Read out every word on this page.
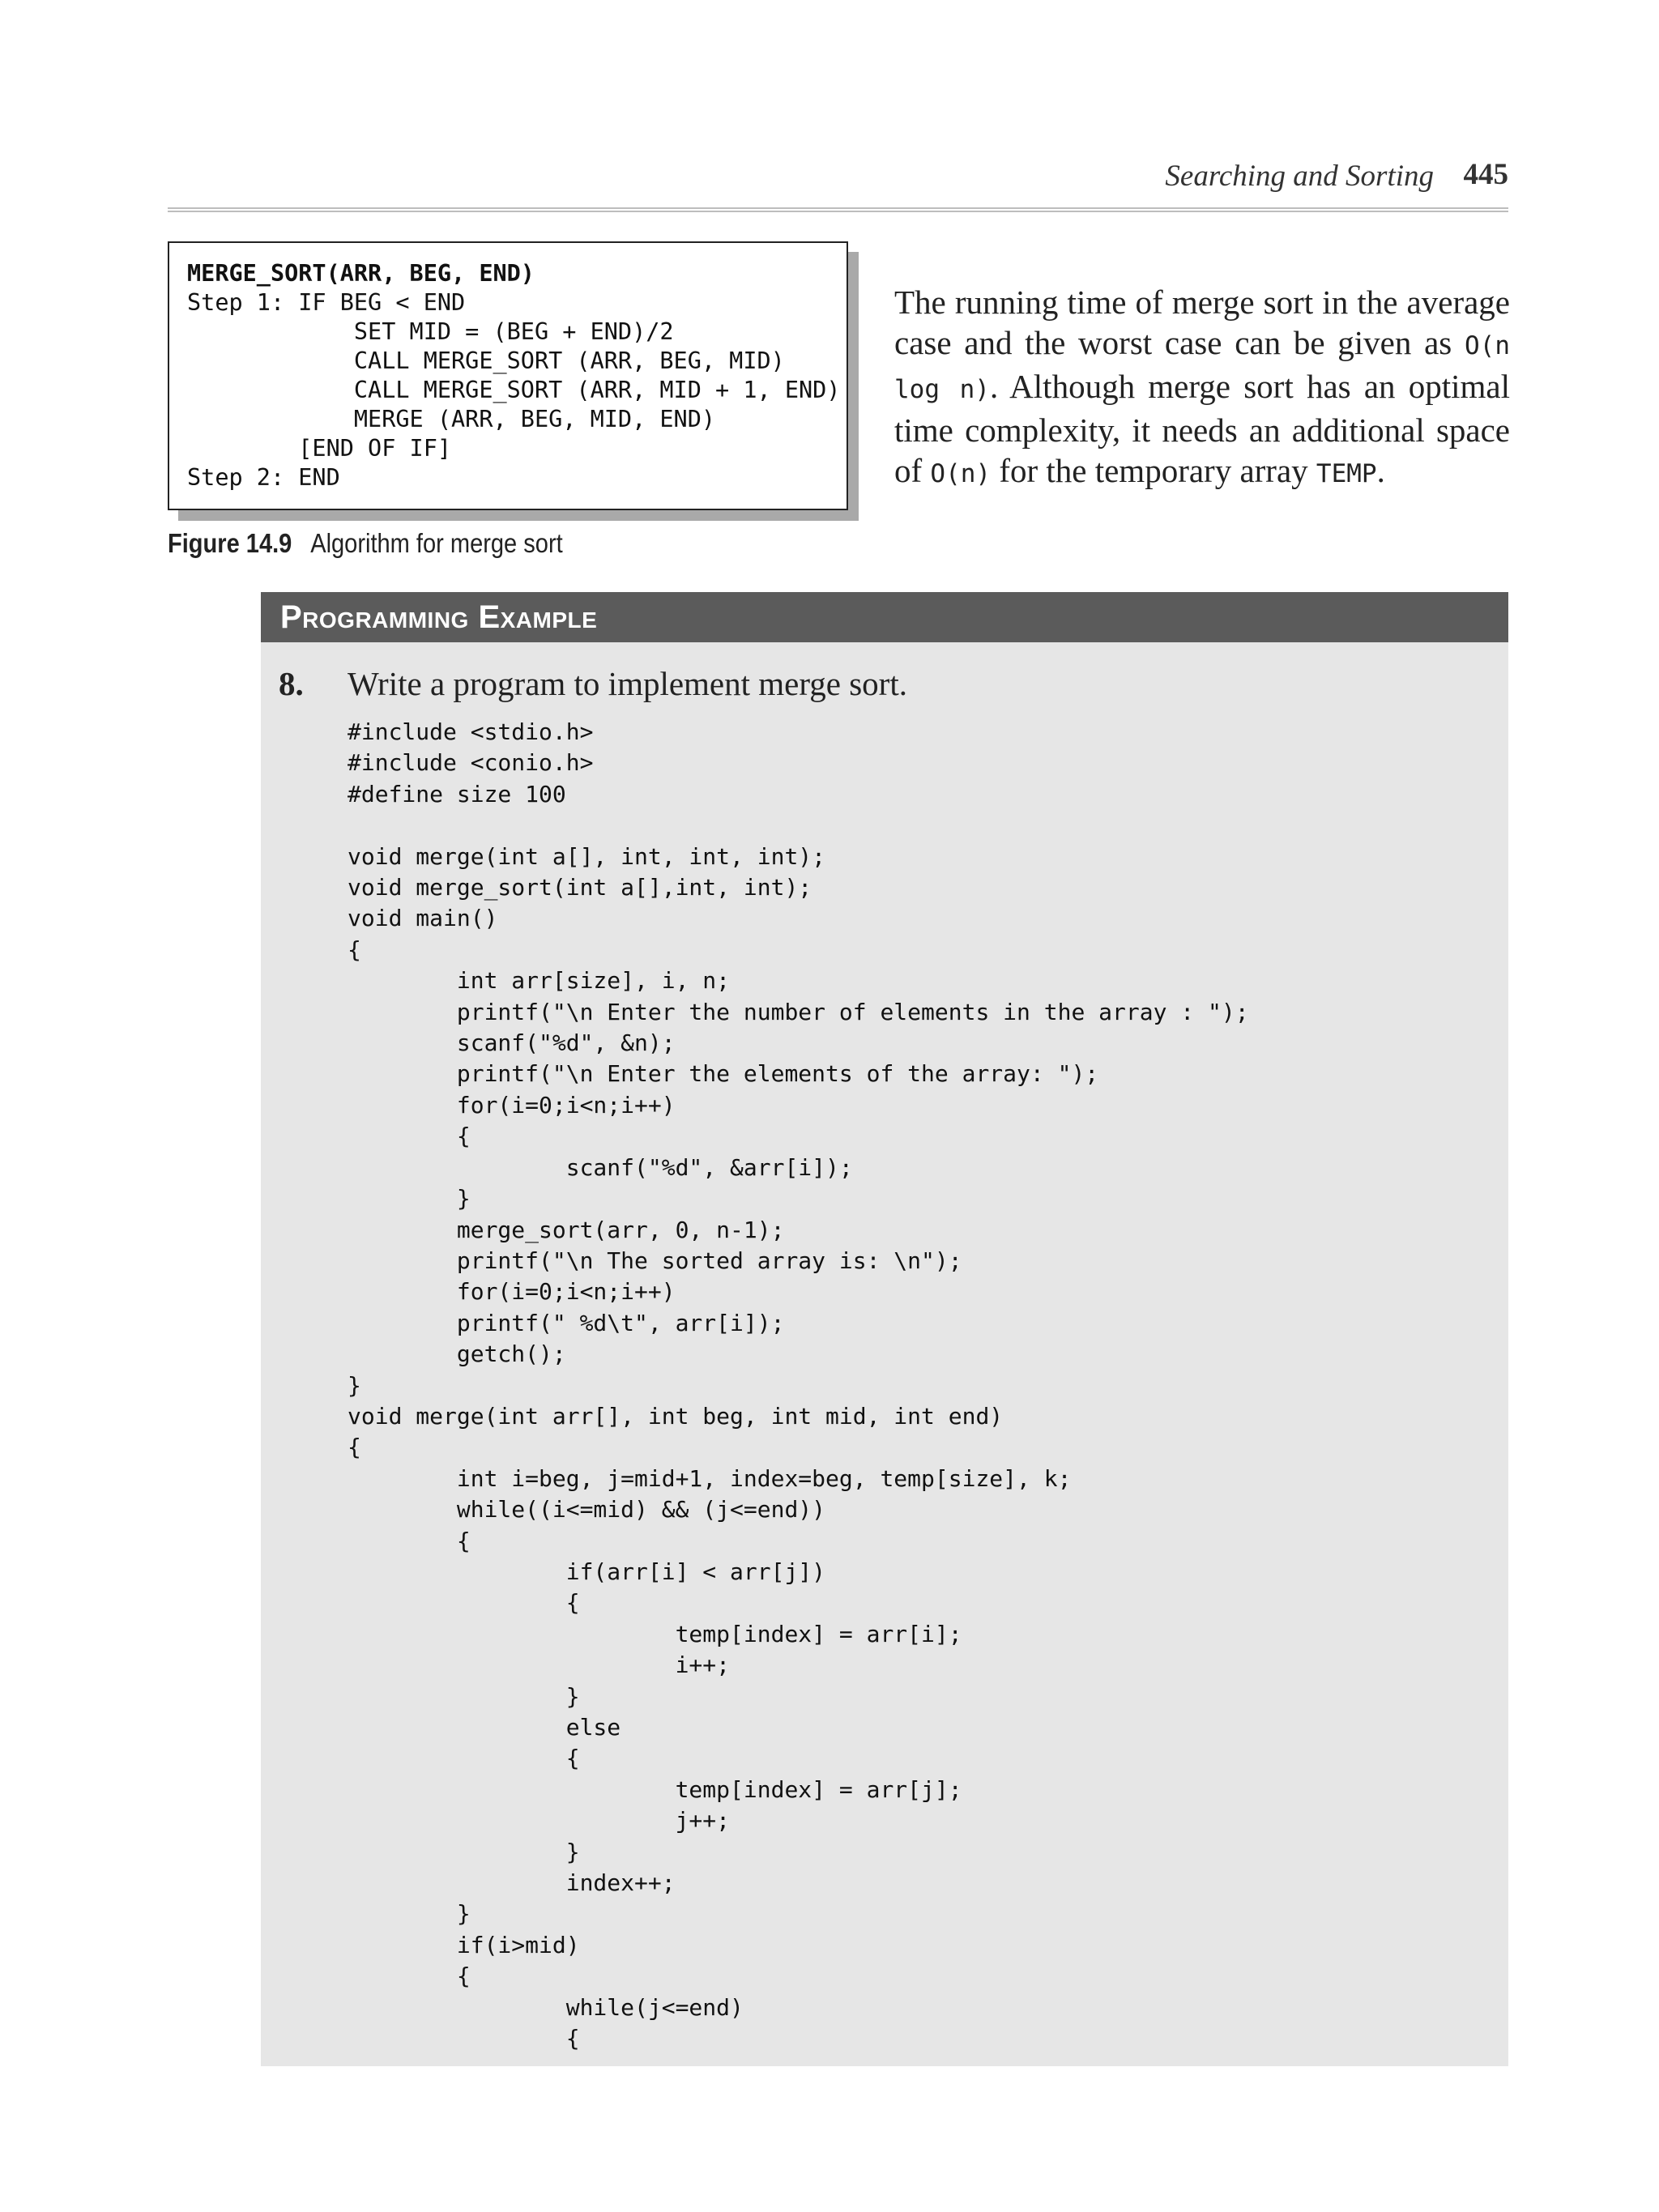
Searching and Sorting 445
MERGE_SORT(ARR, BEG, END)
Step 1: IF BEG < END
SET MID = (BEG + END)/2
CALL MERGE_SORT (ARR, BEG, MID)
CALL MERGE_SORT (ARR, MID + 1, END)
MERGE (ARR, BEG, MID, END)
[END OF IF]
Step 2: END
Figure 14.9 Algorithm for merge sort

The running time of merge sort in the average case and the worst case can be given as O(n log n). Although merge sort has an optimal time complexity, it needs an additional space of O(n) for the temporary array TEMP.

Programming Example
8. Write a program to implement merge sort.
#include <stdio.h>
#include <conio.h>
#define size 100

void merge(int a[], int, int, int);
void merge_sort(int a[],int, int);
void main()
{
int arr[size], i, n;
printf("\n Enter the number of elements in the array : ");
scanf("%d", &n);
printf("\n Enter the elements of the array: ");
for(i=0;i<n;i++)
{
scanf("%d", &arr[i]);
}
merge_sort(arr, 0, n-1);
printf("\n The sorted array is: \n");
for(i=0;i<n;i++)
printf(" %d\t", arr[i]);
getch();
}
void merge(int arr[], int beg, int mid, int end)
{
int i=beg, j=mid+1, index=beg, temp[size], k;
while((i<=mid) && (j<=end))
{
if(arr[i] < arr[j])
{
temp[index] = arr[i];
i++;
}
else
{
temp[index] = arr[j];
j++;
}
index++;
}
if(i>mid)
{
while(j<=end)
{
